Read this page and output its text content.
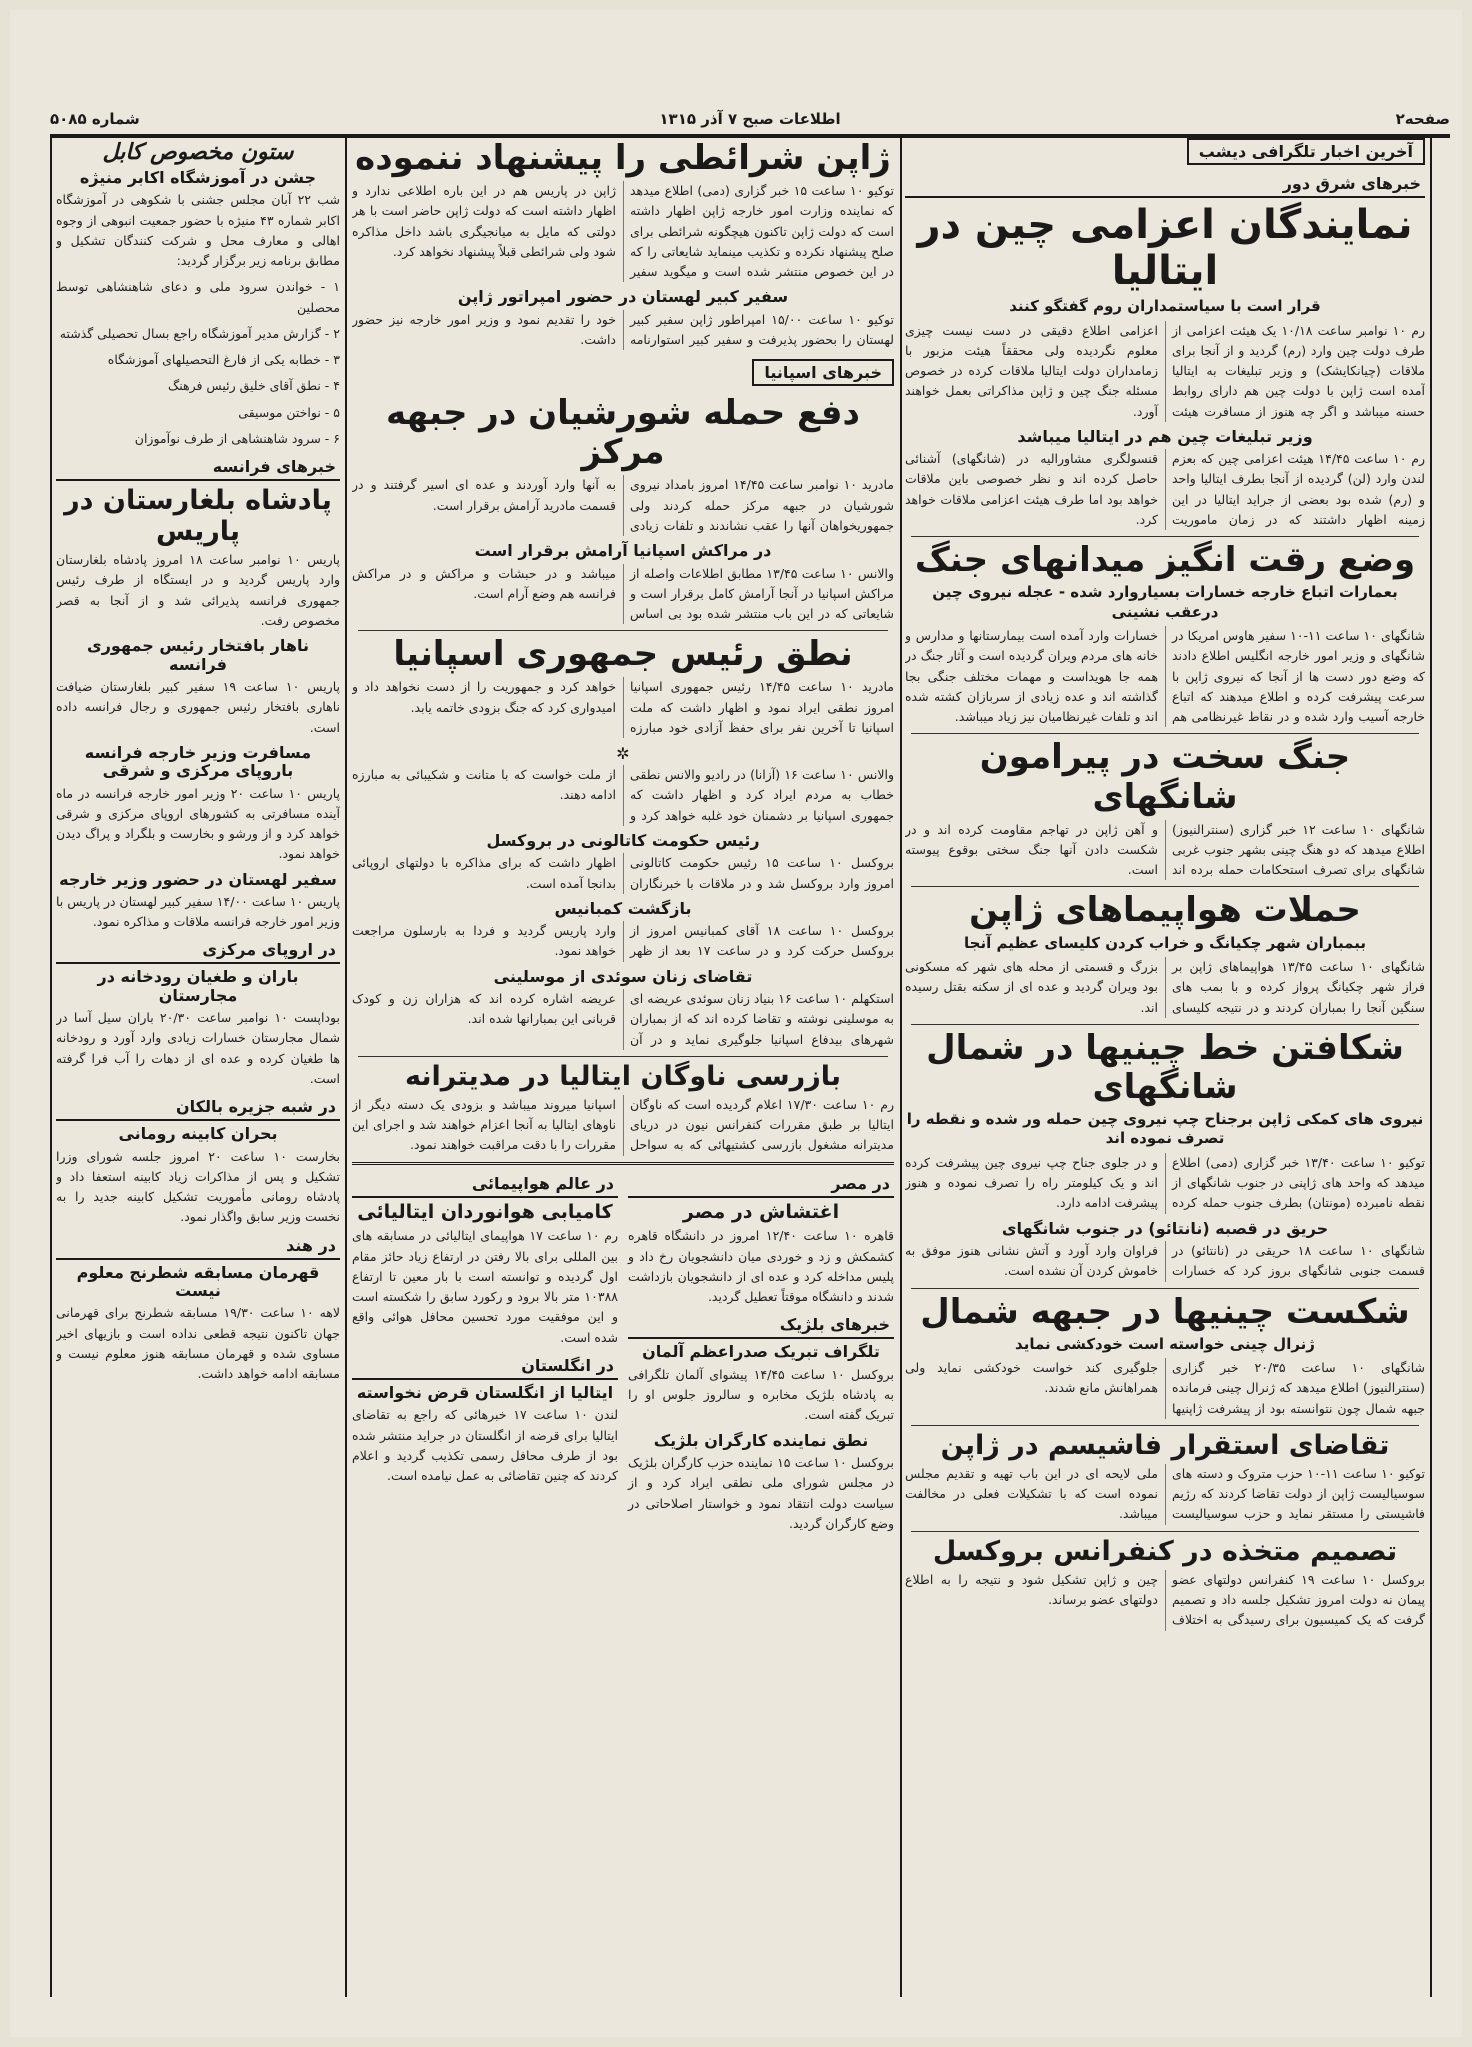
صفحه۲
اطلاعات صبح ۷ آذر ۱۳۱۵
شماره ۵۰۸۵
آخرین اخبار تلگرافی دیشب
خبرهای شرق دور
نمایندگان اعزامی چین در ایتالیا
قرار است با سیاستمداران روم گفتگو کنند
رم ۱۰ نوامبر ساعت ۱۰/۱۸ یک هیئت اعزامی از طرف دولت چین وارد (رم) گردید و از آنجا برای ملاقات (چیانکایشک) و وزیر تبلیغات به ایتالیا آمده است ژاپن با دولت چین هم دارای روابط حسنه میباشد و اگر چه هنوز از مسافرت هیئت اعزامی اطلاع دقیقی در دست نیست چیزی معلوم نگردیده ولی محققاً هیئت مزبور با زمامداران دولت ایتالیا ملاقات کرده در خصوص مسئله جنگ چین و ژاپن مذاکراتی بعمل خواهند آورد.
وزیر تبلیغات چین هم در ایتالیا میباشد
رم ۱۰ ساعت ۱۴/۴۵ هیئت اعزامی چین که بعزم لندن وارد (لن) گردیده از آنجا بطرف ایتالیا واحد و (رم) شده بود بعضی از جراید ایتالیا در این زمینه اظهار داشتند که در زمان ماموریت قنسولگری مشاورالیه در (شانگهای) آشنائی حاصل کرده اند و نظر خصوصی باین ملاقات خواهد بود اما طرف هیئت اعزامی ملاقات خواهد کرد.
وضع رقت انگیز میدانهای جنگ
بعمارات اتباع خارجه خسارات بسیاروارد شده - عجله نیروی چین درعقب نشینی
شانگهای ۱۰ ساعت ۱۱-۱۰ سفیر هاوس امریکا در شانگهای و وزیر امور خارجه انگلیس اطلاع دادند که وضع دور دست ها از آنجا که نیروی ژاپن با سرعت پیشرفت کرده و اطلاع میدهند که اتباع خارجه آسیب وارد شده و در نقاط غیرنظامی هم خسارات وارد آمده است بیمارستانها و مدارس و خانه های مردم ویران گردیده است و آثار جنگ در همه جا هویداست و مهمات مختلف جنگی بجا گذاشته اند و عده زیادی از سربازان کشته شده اند و تلفات غیرنظامیان نیز زیاد میباشد.
جنگ سخت در پیرامون شانگهای
شانگهای ۱۰ ساعت ۱۲ خبر گزاری (سنترالنیوز) اطلاع میدهد که دو هنگ چینی بشهر جنوب غربی شانگهای برای تصرف استحکامات حمله برده اند و آهن ژاپن در تهاجم مقاومت کرده اند و در شکست دادن آنها جنگ سختی بوقوع پیوسته است.
حملات هواپیماهای ژاپن
ببمباران شهر چکیانگ و خراب کردن کلیسای عظیم آنجا
شانگهای ۱۰ ساعت ۱۳/۴۵ هواپیماهای ژاپن بر فراز شهر چکیانگ پرواز کرده و با بمب های سنگین آنجا را بمباران کردند و در نتیجه کلیسای بزرگ و قسمتی از محله های شهر که مسکونی بود ویران گردید و عده ای از سکنه بقتل رسیده اند.
شکافتن خط چینیها در شمال شانگهای
نیروی های کمکی ژاپن برجناح چپ نیروی چین حمله ور شده و نقطه را تصرف نموده اند
توکیو ۱۰ ساعت ۱۳/۴۰ خبر گزاری (دمی) اطلاع میدهد که واحد های ژاپنی در جنوب شانگهای از نقطه نامبرده (مونتان) بطرف جنوب حمله کرده و در جلوی جناح چپ نیروی چین پیشرفت کرده اند و یک کیلومتر راه را تصرف نموده و هنوز پیشرفت ادامه دارد.
حریق در قصبه (نانتائو) در جنوب شانگهای
شانگهای ۱۰ ساعت ۱۸ حریقی در (نانتائو) در قسمت جنوبی شانگهای بروز کرد که خسارات فراوان وارد آورد و آتش نشانی هنوز موفق به خاموش کردن آن نشده است.
شکست چینیها در جبهه شمال
ژنرال چینی خواسته است خودکشی نماید
شانگهای ۱۰ ساعت ۲۰/۳۵ خبر گزاری (سنترالنیوز) اطلاع میدهد که ژنرال چینی فرمانده جبهه شمال چون نتوانسته بود از پیشرفت ژاپنیها جلوگیری کند خواست خودکشی نماید ولی همراهانش مانع شدند.
تقاضای استقرار فاشیسم در ژاپن
توکیو ۱۰ ساعت ۱۱-۱۰ حزب متروک و دسته های سوسیالیست ژاپن از دولت تقاضا کردند که رژیم فاشیستی را مستقر نماید و حزب سوسیالیست ملی لایحه ای در این باب تهیه و تقدیم مجلس نموده است که با تشکیلات فعلی در مخالفت میباشد.
تصمیم متخذه در کنفرانس بروکسل
بروکسل ۱۰ ساعت ۱۹ کنفرانس دولتهای عضو پیمان نه دولت امروز تشکیل جلسه داد و تصمیم گرفت که یک کمیسیون برای رسیدگی به اختلاف چین و ژاپن تشکیل شود و نتیجه را به اطلاع دولتهای عضو برساند.
ژاپن شرائطی را پیشنهاد ننموده
توکیو ۱۰ ساعت ۱۵ خبر گزاری (دمی) اطلاع میدهد که نماینده وزارت امور خارجه ژاپن اظهار داشته است که دولت ژاپن تاکنون هیچگونه شرائطی برای صلح پیشنهاد نکرده و تکذیب مینماید شایعاتی را که در این خصوص منتشر شده است و میگوید سفیر ژاپن در پاریس هم در این باره اطلاعی ندارد و اظهار داشته است که دولت ژاپن حاضر است با هر دولتی که مایل به میانجیگری باشد داخل مذاکره شود ولی شرائطی قبلاً پیشنهاد نخواهد کرد.
سفیر کبیر لهستان در حضور امپراتور ژاپن
توکیو ۱۰ ساعت ۱۵/۰۰ امپراطور ژاپن سفیر کبیر لهستان را بحضور پذیرفت و سفیر کبیر استوارنامه خود را تقدیم نمود و وزیر امور خارجه نیز حضور داشت.
خبرهای اسپانیا
دفع حمله شورشیان در جبهه مرکز
مادرید ۱۰ نوامبر ساعت ۱۴/۴۵ امروز بامداد نیروی شورشیان در جبهه مرکز حمله کردند ولی جمهوریخواهان آنها را عقب نشاندند و تلفات زیادی به آنها وارد آوردند و عده ای اسیر گرفتند و در قسمت مادرید آرامش برقرار است.
در مراکش اسپانیا آرامش برقرار است
والانس ۱۰ ساعت ۱۳/۴۵ مطابق اطلاعات واصله از مراکش اسپانیا در آنجا آرامش کامل برقرار است و شایعاتی که در این باب منتشر شده بود بی اساس میباشد و در حبشات و مراکش و در مراکش فرانسه هم وضع آرام است.
نطق رئیس جمهوری اسپانیا
مادرید ۱۰ ساعت ۱۴/۴۵ رئیس جمهوری اسپانیا امروز نطقی ایراد نمود و اظهار داشت که ملت اسپانیا تا آخرین نفر برای حفظ آزادی خود مبارزه خواهد کرد و جمهوریت را از دست نخواهد داد و امیدواری کرد که جنگ بزودی خاتمه یابد.
✲
والانس ۱۰ ساعت ۱۶ (آزانا) در رادیو والانس نطقی خطاب به مردم ایراد کرد و اظهار داشت که جمهوری اسپانیا بر دشمنان خود غلبه خواهد کرد و از ملت خواست که با متانت و شکیبائی به مبارزه ادامه دهند.
رئیس حکومت کاتالونی در بروکسل
بروکسل ۱۰ ساعت ۱۵ رئیس حکومت کاتالونی امروز وارد بروکسل شد و در ملاقات با خبرنگاران اظهار داشت که برای مذاکره با دولتهای اروپائی بدانجا آمده است.
بازگشت کمبانیس
بروکسل ۱۰ ساعت ۱۸ آقای کمبانیس امروز از بروکسل حرکت کرد و در ساعت ۱۷ بعد از ظهر وارد پاریس گردید و فردا به بارسلون مراجعت خواهد نمود.
تقاضای زنان سوئدی از موسلینی
استکهلم ۱۰ ساعت ۱۶ بنیاد زنان سوئدی عریضه ای به موسلینی نوشته و تقاضا کرده اند که از بمباران شهرهای بیدفاع اسپانیا جلوگیری نماید و در آن عریضه اشاره کرده اند که هزاران زن و کودک قربانی این بمبارانها شده اند.
بازرسی ناوگان ایتالیا در مدیترانه
رم ۱۰ ساعت ۱۷/۳۰ اعلام گردیده است که ناوگان ایتالیا بر طبق مقررات کنفرانس نیون در دریای مدیترانه مشغول بازرسی کشتیهائی که به سواحل اسپانیا میروند میباشد و بزودی یک دسته دیگر از ناوهای ایتالیا به آنجا اعزام خواهند شد و اجرای این مقررات را با دقت مراقبت خواهند نمود.
در مصر
اغتشاش در مصر
قاهره ۱۰ ساعت ۱۲/۴۰ امروز در دانشگاه قاهره کشمکش و زد و خوردی میان دانشجویان رخ داد و پلیس مداخله کرد و عده ای از دانشجویان بازداشت شدند و دانشگاه موقتاً تعطیل گردید.
خبرهای بلژیک
تلگراف تبریک صدراعظم آلمان
بروکسل ۱۰ ساعت ۱۴/۴۵ پیشوای آلمان تلگرافی به پادشاه بلژیک مخابره و سالروز جلوس او را تبریک گفته است.
نطق نماینده کارگران بلژیک
بروکسل ۱۰ ساعت ۱۵ نماینده حزب کارگران بلژیک در مجلس شورای ملی نطقی ایراد کرد و از سیاست دولت انتقاد نمود و خواستار اصلاحاتی در وضع کارگران گردید.
در عالم هواپیمائی
کامیابی هوانوردان ایتالیائی
رم ۱۰ ساعت ۱۷ هواپیمای ایتالیائی در مسابقه های بین المللی برای بالا رفتن در ارتفاع زیاد حائز مقام اول گردیده و توانسته است با بار معین تا ارتفاع ۱۰۳۸۸ متر بالا برود و رکورد سابق را شکسته است و این موفقیت مورد تحسین محافل هوائی واقع شده است.
در انگلستان
ایتالیا از انگلستان قرض نخواسته
لندن ۱۰ ساعت ۱۷ خبرهائی که راجع به تقاضای ایتالیا برای قرضه از انگلستان در جراید منتشر شده بود از طرف محافل رسمی تکذیب گردید و اعلام کردند که چنین تقاضائی به عمل نیامده است.
ستون مخصوص کابل
جشن در آموزشگاه اکابر منیژه
شب ۲۲ آبان مجلس جشنی با شکوهی در آموزشگاه اکابر شماره ۴۳ منیژه با حضور جمعیت انبوهی از وجوه اهالی و معارف محل و شرکت کنندگان تشکیل و مطابق برنامه زیر برگزار گردید:
۱ - خواندن سرود ملی و دعای شاهنشاهی توسط محصلین
۲ - گزارش مدیر آموزشگاه راجع بسال تحصیلی گذشته
۳ - خطابه یکی از فارغ التحصیلهای آموزشگاه
۴ - نطق آقای خلیق رئیس فرهنگ
۵ - نواختن موسیقی
۶ - سرود شاهنشاهی از طرف نوآموزان
خبرهای فرانسه
پادشاه بلغارستان در پاریس
پاریس ۱۰ نوامبر ساعت ۱۸ امروز پادشاه بلغارستان وارد پاریس گردید و در ایستگاه از طرف رئیس جمهوری فرانسه پذیرائی شد و از آنجا به قصر مخصوص رفت.
ناهار بافتخار رئیس جمهوری فرانسه
پاریس ۱۰ ساعت ۱۹ سفیر کبیر بلغارستان ضیافت ناهاری بافتخار رئیس جمهوری و رجال فرانسه داده است.
مسافرت وزیر خارجه فرانسه باروپای مرکزی و شرقی
پاریس ۱۰ ساعت ۲۰ وزیر امور خارجه فرانسه در ماه آینده مسافرتی به کشورهای اروپای مرکزی و شرقی خواهد کرد و از ورشو و بخارست و بلگراد و پراگ دیدن خواهد نمود.
سفیر لهستان در حضور وزیر خارجه
پاریس ۱۰ ساعت ۱۴/۰۰ سفیر کبیر لهستان در پاریس با وزیر امور خارجه فرانسه ملاقات و مذاکره نمود.
در اروپای مرکزی
باران و طغیان رودخانه در مجارستان
بوداپست ۱۰ نوامبر ساعت ۲۰/۳۰ باران سیل آسا در شمال مجارستان خسارات زیادی وارد آورد و رودخانه ها طغیان کرده و عده ای از دهات را آب فرا گرفته است.
در شبه جزیره بالکان
بحران کابینه رومانی
بخارست ۱۰ ساعت ۲۰ امروز جلسه شورای وزرا تشکیل و پس از مذاکرات زیاد کابینه استعفا داد و پادشاه رومانی مأموریت تشکیل کابینه جدید را به نخست وزیر سابق واگذار نمود.
در هند
قهرمان مسابقه شطرنج معلوم نیست
لاهه ۱۰ ساعت ۱۹/۳۰ مسابقه شطرنج برای قهرمانی جهان تاکنون نتیجه قطعی نداده است و بازیهای اخیر مساوی شده و قهرمان مسابقه هنوز معلوم نیست و مسابقه ادامه خواهد داشت.
